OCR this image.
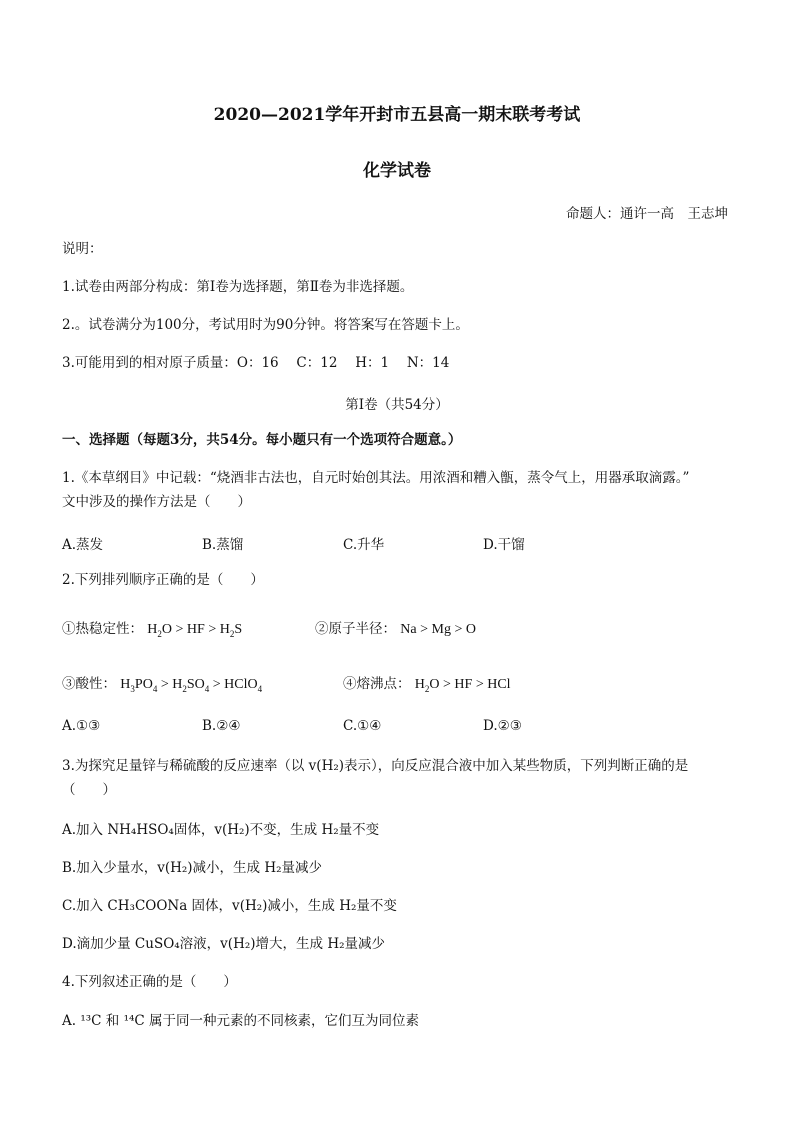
2020—2021学年开封市五县高一期末联考考试
化学试卷
命题人：通许一高　王志坤
说明：
1.试卷由两部分构成：第Ⅰ卷为选择题，第Ⅱ卷为非选择题。
2.。试卷满分为100分，考试用时为90分钟。将答案写在答题卡上。
3.可能用到的相对原子质量：O：16　 C：12　 H：1　 N：14
第Ⅰ卷（共54分）
一、选择题（每题3分，共54分。每小题只有一个选项符合题意。）
1.《本草纲目》中记载：“烧酒非古法也，自元时始创其法。用浓酒和糟入甑，蒸令气上，用器承取滴露。”
文中涉及的操作方法是（　　）
A.蒸发	B.蒸馏	C.升华	D.干馏
2.下列排列顺序正确的是（　　）
①热稳定性： $H_2O$ > HF > $H_2S$	②原子半径： Na > Mg > O
③酸性： $H_3PO_4 > H_2SO_4$ > HClO$_4$	④熔沸点： $H_2O$ > HF > HCl
A.①③	B.②④	C.①④	D.②③
3.为探究足量锌与稀硫酸的反应速率（以 v(H₂)表示），向反应混合液中加入某些物质，下列判断正确的是
（　　）
A.加入 NH₄HSO₄固体，v(H₂)不变，生成 H₂量不变
B.加入少量水，v(H₂)减小，生成 H₂量减少
C.加入 CH₃COONa 固体，v(H₂)减小，生成 H₂量不变
D.滴加少量 CuSO₄溶液，v(H₂)增大，生成 H₂量减少
4.下列叙述正确的是（　　）
A. ¹³C 和 ¹⁴C 属于同一种元素的不同核素，它们互为同位素
